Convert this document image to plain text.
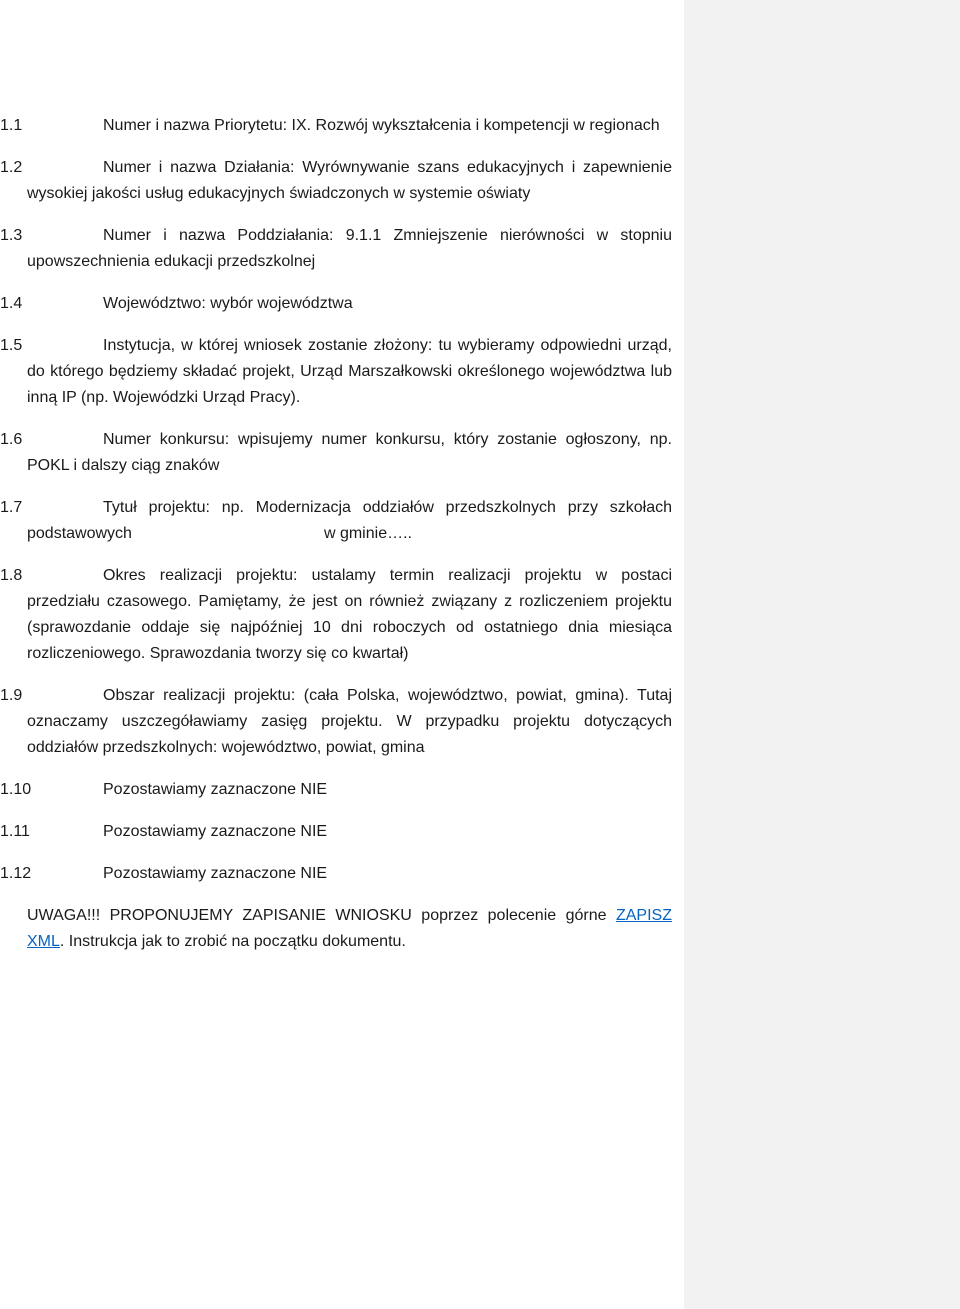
1.1	Numer i nazwa Priorytetu: IX. Rozwój wykształcenia i kompetencji w regionach
1.2	Numer i nazwa Działania: Wyrównywanie szans edukacyjnych i zapewnienie wysokiej jakości usług edukacyjnych świadczonych w systemie oświaty
1.3	Numer i nazwa Poddziałania: 9.1.1 Zmniejszenie nierówności w stopniu upowszechnienia edukacji przedszkolnej
1.4	Województwo: wybór województwa
1.5	Instytucja, w której wniosek zostanie złożony: tu wybieramy odpowiedni urząd, do którego będziemy składać projekt, Urząd Marszałkowski określonego województwa lub inną IP (np. Wojewódzki Urząd Pracy).
1.6	Numer konkursu: wpisujemy numer konkursu, który zostanie ogłoszony, np. POKL i dalszy ciąg znaków
1.7	Tytuł projektu: np. Modernizacja oddziałów przedszkolnych przy szkołach podstawowych	w gminie…..
1.8	Okres realizacji projektu: ustalamy termin realizacji projektu w postaci przedziału czasowego. Pamiętamy, że jest on również związany z rozliczeniem projektu (sprawozdanie oddaje się najpóźniej 10 dni roboczych od ostatniego dnia miesiąca rozliczeniowego. Sprawozdania tworzy się co kwartał)
1.9	Obszar realizacji projektu: (cała Polska, województwo, powiat, gmina). Tutaj oznaczamy uszczegóławiamy zasięg projektu. W przypadku projektu dotyczących oddziałów przedszkolnych: województwo, powiat, gmina
1.10	Pozostawiamy zaznaczone NIE
1.11	Pozostawiamy zaznaczone NIE
1.12	Pozostawiamy zaznaczone NIE
UWAGA!!! PROPONUJEMY ZAPISANIE WNIOSKU poprzez polecenie górne ZAPISZ XML. Instrukcja jak to zrobić na początku dokumentu.
